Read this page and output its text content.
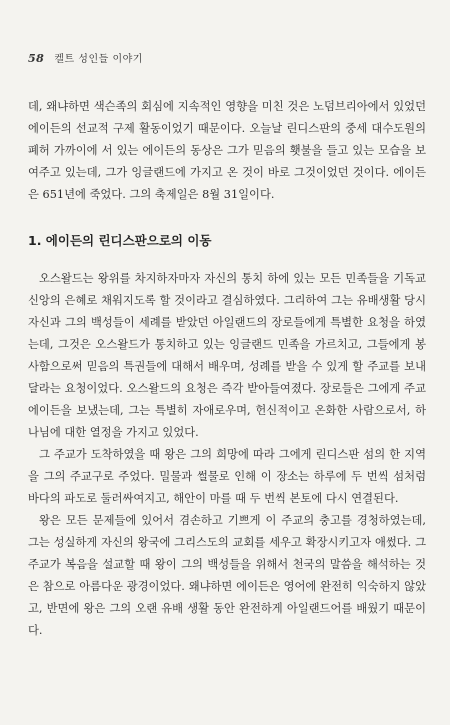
58 켈트 성인들 이야기

데, 왜냐하면 색슨족의 회심에 지속적인 영향을 미친 것은 노덤브리아에서 있었던 에이든의 선교적 구제 활동이었기 때문이다. 오늘날 린디스판의 중세 대수도원의 폐허 가까이에 서 있는 에이든의 동상은 그가 믿음의 횃불을 들고 있는 모습을 보여주고 있는데, 그가 잉글랜드에 가지고 온 것이 바로 그것이었던 것이다. 에이든은 651년에 죽었다. 그의 축제일은 8월 31일이다.

1. 에이든의 린디스판으로의 이동

오스왈드는 왕위를 차지하자마자 자신의 통치 하에 있는 모든 민족들을 기독교 신앙의 은혜로 채워지도록 할 것이라고 결심하였다. 그리하여 그는 유배생활 당시 자신과 그의 백성들이 세례를 받았던 아일랜드의 장로들에게 특별한 요청을 하였는데, 그것은 오스왈드가 통치하고 있는 잉글랜드 민족을 가르치고, 그들에게 봉사함으로써 믿음의 특권들에 대해서 배우며, 성례를 받을 수 있게 할 주교를 보내달라는 요청이었다. 오스왈드의 요청은 즉각 받아들여졌다. 장로들은 그에게 주교 에이든을 보냈는데, 그는 특별히 자애로우며, 헌신적이고 온화한 사람으로서, 하나님에 대한 열정을 가지고 있었다.

그 주교가 도착하였을 때 왕은 그의 희망에 따라 그에게 린디스판 섬의 한 지역을 그의 주교구로 주었다. 밀물과 썰물로 인해 이 장소는 하루에 두 번씩 섬처럼 바다의 파도로 둘러싸여지고, 해안이 마를 때 두 번씩 본토에 다시 연결된다.

왕은 모든 문제들에 있어서 겸손하고 기쁘게 이 주교의 충고를 경청하였는데, 그는 성실하게 자신의 왕국에 그리스도의 교회를 세우고 확장시키고자 애썼다. 그 주교가 복음을 설교할 때 왕이 그의 백성들을 위해서 천국의 말씀을 해석하는 것은 참으로 아름다운 광경이었다. 왜냐하면 에이든은 영어에 완전히 익숙하지 않았고, 반면에 왕은 그의 오랜 유배 생활 동안 완전하게 아일랜드어를 배웠기 때문이다.
